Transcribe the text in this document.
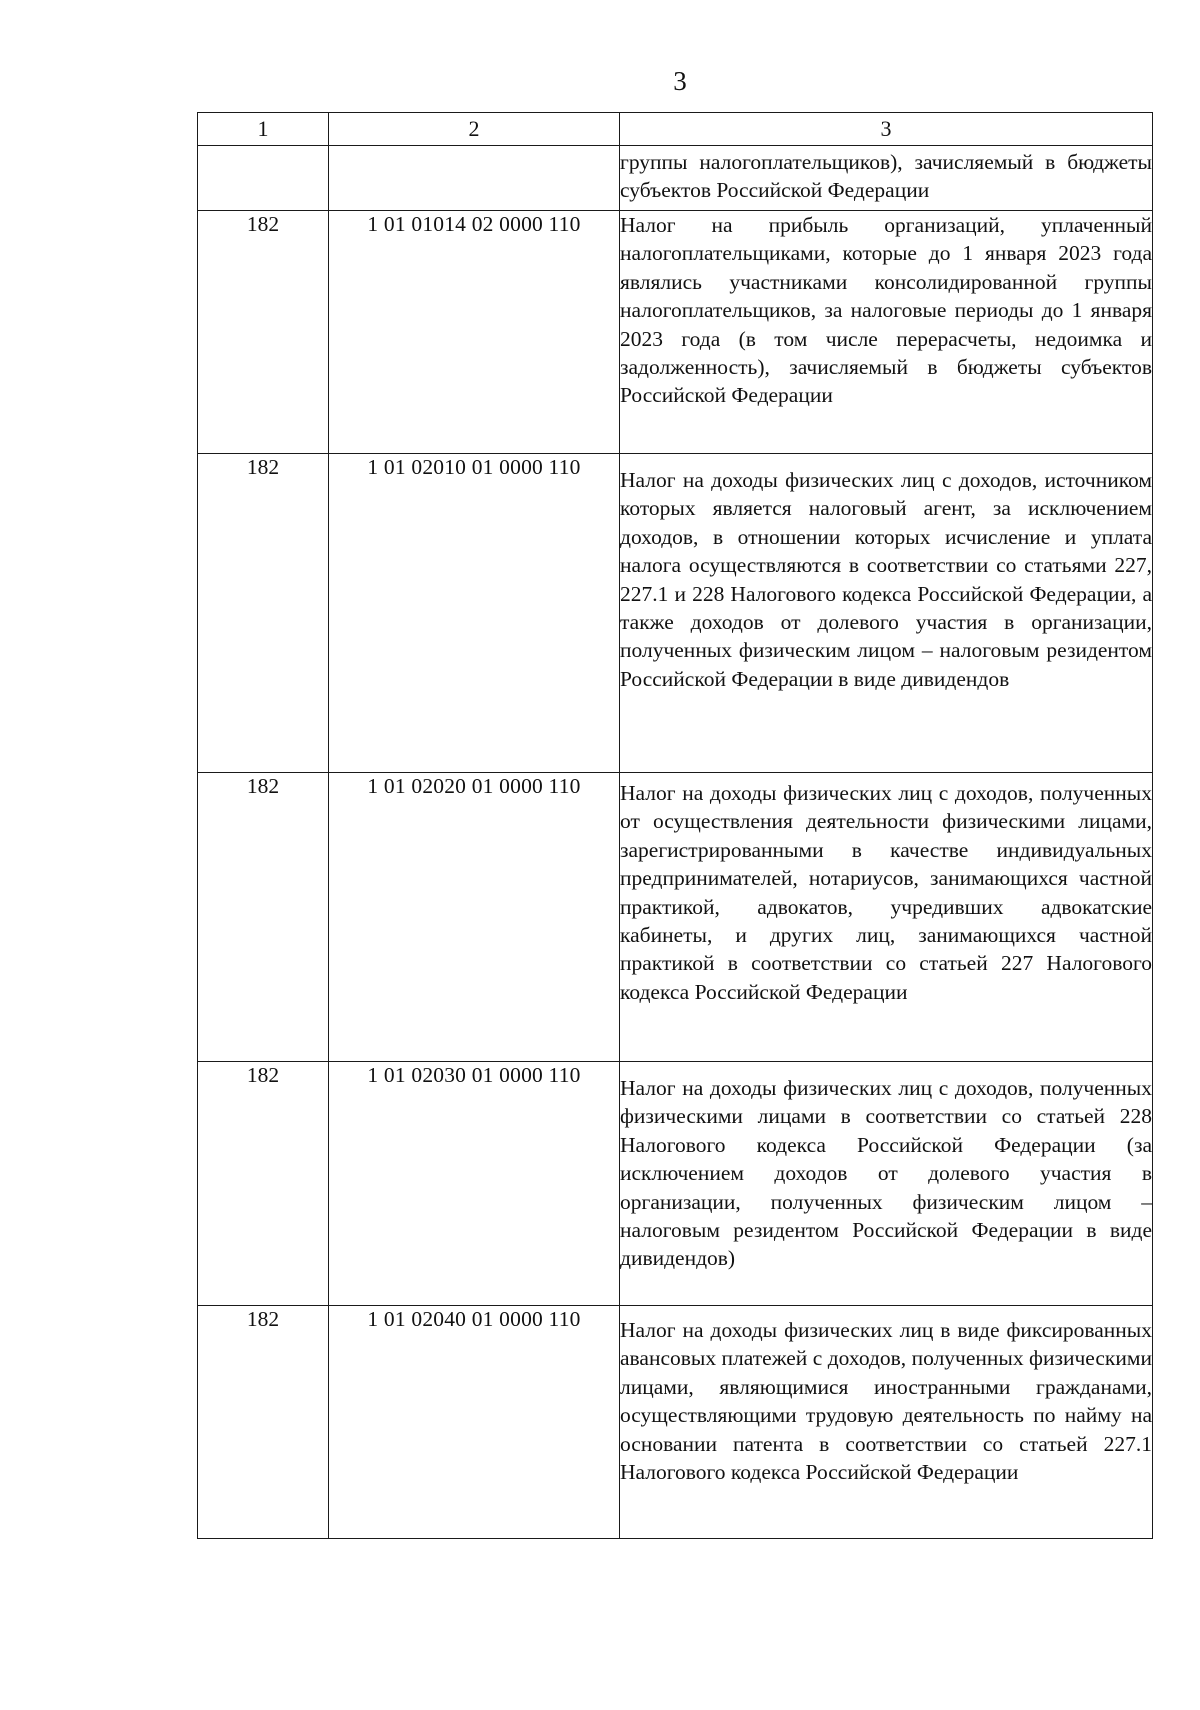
3
1	2	3

		группы налогоплательщиков), зачисляемый в бюджеты субъектов Российской Федерации

182	1 01 01014 02 0000 110	Налог на прибыль организаций, уплаченный налогоплательщиками, которые до 1 января 2023 года являлись участниками консолидированной группы налогоплательщиков, за налоговые периоды до 1 января 2023 года (в том числе перерасчеты, недоимка и задолженность), зачисляемый в бюджеты субъектов Российской Федерации

182	1 01 02010 01 0000 110	Налог на доходы физических лиц с доходов, источником которых является налоговый агент, за исключением доходов, в отношении которых исчисление и уплата налога осуществляются в соответствии со статьями 227, 227.1 и 228 Налогового кодекса Российской Федерации, а также доходов от долевого участия в организации, полученных физическим лицом – налоговым резидентом Российской Федерации в виде дивидендов

182	1 01 02020 01 0000 110	Налог на доходы физических лиц с доходов, полученных от осуществления деятельности физическими лицами, зарегистрированными в качестве индивидуальных предпринимателей, нотариусов, занимающихся частной практикой, адвокатов, учредивших адвокатские кабинеты, и других лиц, занимающихся частной практикой в соответствии со статьей 227 Налогового кодекса Российской Федерации

182	1 01 02030 01 0000 110	Налог на доходы физических лиц с доходов, полученных физическими лицами в соответствии со статьей 228 Налогового кодекса Российской Федерации (за исключением доходов от долевого участия в организации, полученных физическим лицом – налоговым резидентом Российской Федерации в виде дивидендов)

182	1 01 02040 01 0000 110	Налог на доходы физических лиц в виде фиксированных авансовых платежей с доходов, полученных физическими лицами, являющимися иностранными гражданами, осуществляющими трудовую деятельность по найму на основании патента в соответствии со статьей 227.1 Налогового кодекса Российской Федерации
